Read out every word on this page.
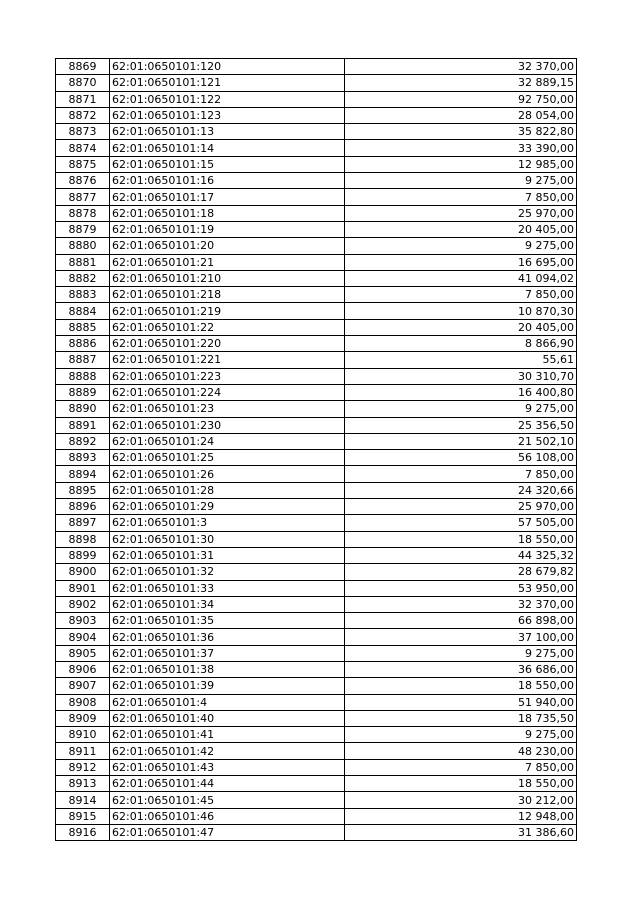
8869	62:01:0650101:120	32 370,00
8870	62:01:0650101:121	32 889,15
8871	62:01:0650101:122	92 750,00
8872	62:01:0650101:123	28 054,00
8873	62:01:0650101:13	35 822,80
8874	62:01:0650101:14	33 390,00
8875	62:01:0650101:15	12 985,00
8876	62:01:0650101:16	9 275,00
8877	62:01:0650101:17	7 850,00
8878	62:01:0650101:18	25 970,00
8879	62:01:0650101:19	20 405,00
8880	62:01:0650101:20	9 275,00
8881	62:01:0650101:21	16 695,00
8882	62:01:0650101:210	41 094,02
8883	62:01:0650101:218	7 850,00
8884	62:01:0650101:219	10 870,30
8885	62:01:0650101:22	20 405,00
8886	62:01:0650101:220	8 866,90
8887	62:01:0650101:221	55,61
8888	62:01:0650101:223	30 310,70
8889	62:01:0650101:224	16 400,80
8890	62:01:0650101:23	9 275,00
8891	62:01:0650101:230	25 356,50
8892	62:01:0650101:24	21 502,10
8893	62:01:0650101:25	56 108,00
8894	62:01:0650101:26	7 850,00
8895	62:01:0650101:28	24 320,66
8896	62:01:0650101:29	25 970,00
8897	62:01:0650101:3	57 505,00
8898	62:01:0650101:30	18 550,00
8899	62:01:0650101:31	44 325,32
8900	62:01:0650101:32	28 679,82
8901	62:01:0650101:33	53 950,00
8902	62:01:0650101:34	32 370,00
8903	62:01:0650101:35	66 898,00
8904	62:01:0650101:36	37 100,00
8905	62:01:0650101:37	9 275,00
8906	62:01:0650101:38	36 686,00
8907	62:01:0650101:39	18 550,00
8908	62:01:0650101:4	51 940,00
8909	62:01:0650101:40	18 735,50
8910	62:01:0650101:41	9 275,00
8911	62:01:0650101:42	48 230,00
8912	62:01:0650101:43	7 850,00
8913	62:01:0650101:44	18 550,00
8914	62:01:0650101:45	30 212,00
8915	62:01:0650101:46	12 948,00
8916	62:01:0650101:47	31 386,60
